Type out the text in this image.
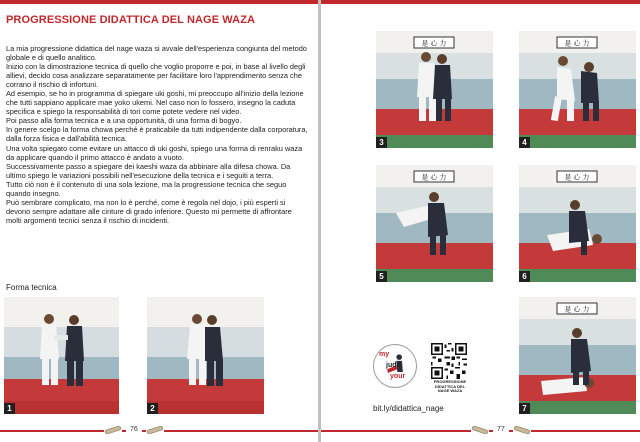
PROGRESSIONE DIDATTICA DEL NAGE WAZA

La mia progressione didattica del nage waza si avvale dell'esperienza congiunta del metodo globale e di quello analitico.

Inizio con la dimostrazione tecnica di quello che voglio proporre e poi, in base al livello degli allievi, decido cosa analizzare separatamente per facilitare loro l'apprendimento senza che corrano il rischio di infortuni.

Ad esempio, se ho in programma di spiegare uki goshi, mi preoccupo all'inizio della lezione che tutti sappiano applicare mae yoko ukemi. Nel caso non lo fossero, insegno la caduta specifica e spiego la responsabilità di tori come potete vedere nel video.

Poi passo alla forma tecnica e a una opportunità, di una forma di bogyo.

In genere scelgo la forma chowa perché è praticabile da tutti indipendente dalla corporatura, dalla forza fisica e dall'abilità tecnica.

Una volta spiegato come evitare un attacco di uki goshi, spiego una forma di renraku waza da applicare quando il primo attacco è andato a vuoto.

Successivamente passo a spiegare dei kaeshi waza da abbinare alla difesa chowa. Da ultimo spiego le variazioni possibili nell'esecuzione della tecnica e i seguiti a terra.

Tutto ciò non è il contenuto di una sola lezione, ma la progressione tecnica che seguo quando insegno.

Può sembrare complicato, ma non lo è perché, come è regola nel dojo, i più esperti si devono sempre adattare alle cinture di grado inferiore. Questo mi permette di affrontare molti argomenti tecnici senza il rischio di incidenti.

Forma tecnica
1	2
76
是 心 力
3
是 心 力
4
是 心 力
5
是 心 力
6
是 心 力
7
my
judo
your
PROGRESSIONE DIDATTICA DEL NAGE WAZA
bit.ly/didattica_nage
77
